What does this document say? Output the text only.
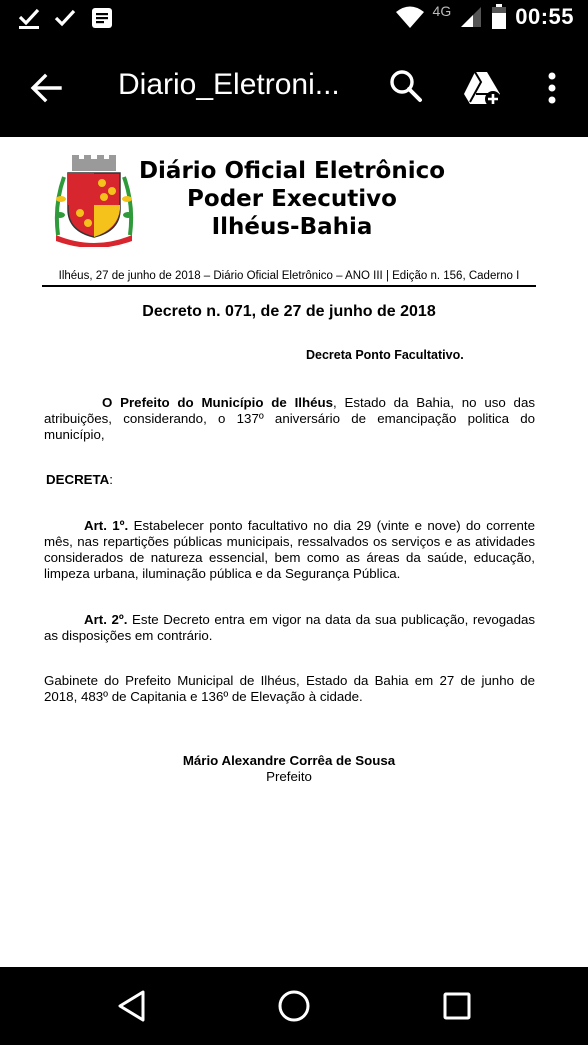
4G	00:55
Diario_Eletroni...
Diário Oficial Eletrônico
Poder Executivo
Ilhéus-Bahia
Ilhéus, 27 de junho de 2018 – Diário Oficial Eletrônico – ANO III | Edição n. 156, Caderno I
Decreto n. 071, de 27 de junho de 2018
Decreta Ponto Facultativo.
O Prefeito do Município de Ilhéus, Estado da Bahia, no uso das atribuições, considerando, o 137º aniversário de emancipação politica do município,
DECRETA:
Art. 1º. Estabelecer ponto facultativo no dia 29 (vinte e nove) do corrente mês, nas repartições públicas municipais, ressalvados os serviços e as atividades considerados de natureza essencial, bem como as áreas da saúde, educação, limpeza urbana, iluminação pública e da Segurança Pública.
Art. 2º. Este Decreto entra em vigor na data da sua publicação, revogadas as disposições em contrário.
Gabinete do Prefeito Municipal de Ilhéus, Estado da Bahia em 27 de junho de 2018, 483º de Capitania e 136º de Elevação à cidade.
Mário Alexandre Corrêa de Sousa
Prefeito
